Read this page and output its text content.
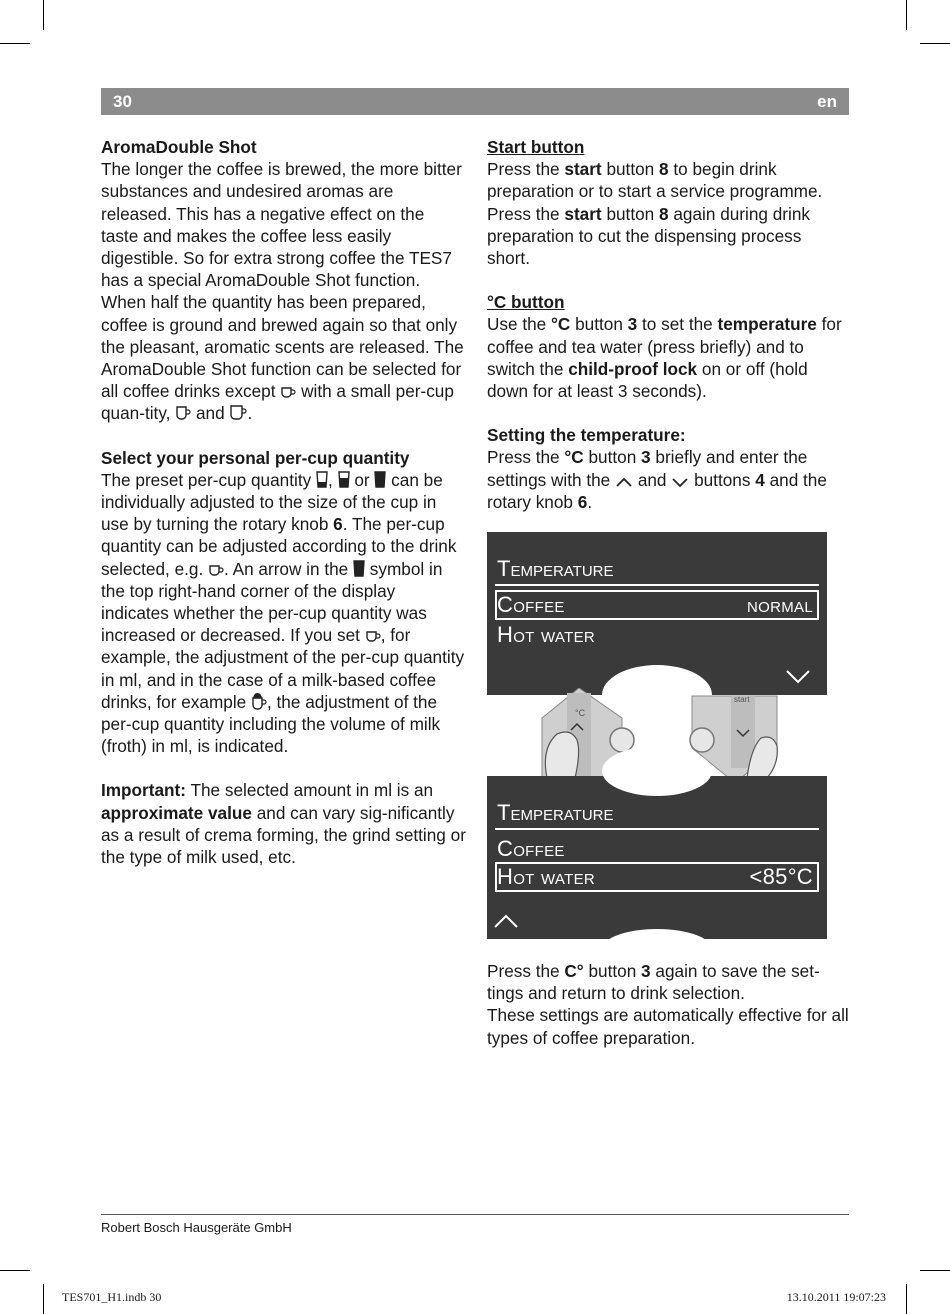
30	en

AromaDouble Shot

The longer the coffee is brewed, the more bitter substances and undesired aromas are released. This has a negative effect on the taste and makes the coffee less easily digestible. So for extra strong coffee the TES7 has a special AromaDouble Shot function. When half the quantity has been prepared, coffee is ground and brewed again so that only the pleasant, aromatic scents are released. The AromaDouble Shot function can be selected for all coffee drinks except with a small per-cup quan-tity, and .

Select your personal per-cup quantity

The preset per-cup quantity , or can be individually adjusted to the size of the cup in use by turning the rotary knob 6. The per-cup quantity can be adjusted according to the drink selected, e.g. . An arrow in the symbol in the top right-hand corner of the display indicates whether the per-cup quantity was increased or decreased. If you set , for example, the adjustment of the per-cup quantity in ml, and in the case of a milk-based coffee drinks, for example , the adjustment of the per-cup quantity including the volume of milk (froth) in ml, is indicated.

Important: The selected amount in ml is an approximate value and can vary sig-nificantly as a result of crema forming, the grind setting or the type of milk used, etc.

Start button

Press the start button 8 to begin drink preparation or to start a service programme. Press the start button 8 again during drink preparation to cut the dispensing process short.

°C button

Use the °C button 3 to set the temperature for coffee and tea water (press briefly) and to switch the child-proof lock on or off (hold down for at least 3 seconds).

Setting the temperature:

Press the °C button 3 briefly and enter the settings with the and buttons 4 and the rotary knob 6.

Temperature
Coffee	normal
Hot water
°C
start
Temperature
Coffee
Hot water	<85°C

Press the C° button 3 again to save the set-tings and return to drink selection.

These settings are automatically effective for all types of coffee preparation.

Robert Bosch Hausgeräte GmbH
TES701_H1.indb 30	13.10.2011 19:07:23
